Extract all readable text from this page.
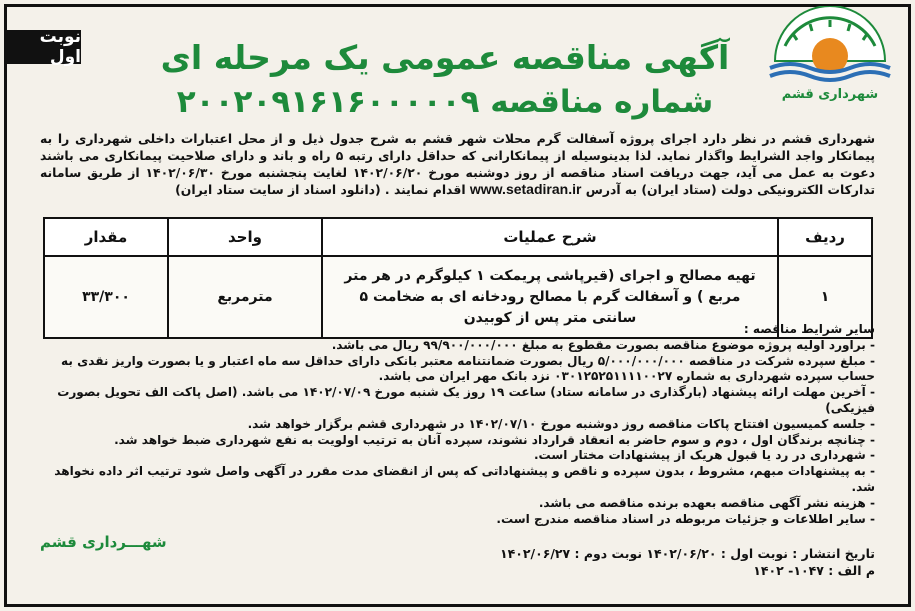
نوبت اول
شهرداری قشم
آگهی مناقصه عمومی یک مرحله ای
شماره مناقصه ۲۰۰۲۰۹۱۶۱۶۰۰۰۰۰۹
شهرداری قشم در نظر دارد اجرای پروژه آسفالت گرم محلات شهر قشم به شرح جدول ذیل و از محل اعتبارات داخلی شهرداری را به پیمانکار واجد الشرایط واگذار نماید. لذا بدینوسیله از پیمانکارانی که حداقل دارای رتبه ۵ راه و باند و دارای صلاحیت پیمانکاری می باشند دعوت به عمل می آید، جهت دریافت اسناد مناقصه از روز دوشنبه مورخ ۱۴۰۲/۰۶/۲۰ لغایت پنجشنبه مورخ ۱۴۰۲/۰۶/۳۰ از طریق سامانه تدارکات الکترونیکی دولت (ستاد ایران) به آدرس www.setadiran.ir اقدام نمایند . (دانلود اسناد از سایت ستاد ایران)
ردیف	شرح عملیات	واحد	مقدار
۱	تهیه مصالح و اجرای (قیرپاشی پریمکت ۱ کیلوگرم در هر متر مربع ) و آسفالت گرم با مصالح رودخانه ای به ضخامت ۵ سانتی متر پس از کوبیدن	مترمربع	۳۳/۳۰۰

سایر شرایط مناقصه :

- برآورد اولیه پروژه موضوع مناقصه بصورت مقطوع به مبلغ ۹۹/۹۰۰/۰۰۰/۰۰۰ ریال می باشد.
- مبلغ سپرده شرکت در مناقصه ۵/۰۰۰/۰۰۰/۰۰۰ ریال بصورت ضمانتنامه معتبر بانکی دارای حداقل سه ماه اعتبار و یا بصورت واریز نقدی به حساب سپرده شهرداری به شماره ۰۳۰۱۲۵۲۵۱۱۱۱۰۰۲۷ نزد بانک مهر ایران می باشد.
- آخرین مهلت ارائه پیشنهاد (بارگذاری در سامانه ستاد) ساعت ۱۹ روز یک شنبه مورخ ۱۴۰۲/۰۷/۰۹ می باشد. (اصل پاکت الف تحویل بصورت فیزیکی)
- جلسه کمیسیون افتتاح پاکات مناقصه روز دوشنبه مورخ ۱۴۰۲/۰۷/۱۰ در شهرداری قشم برگزار خواهد شد.
- چنانچه برندگان اول ، دوم و سوم حاضر به انعقاد قرارداد نشوند، سپرده آنان به ترتیب اولویت به نفع شهرداری ضبط خواهد شد.
- شهرداری در رد یا قبول هریک از پیشنهادات مختار است.
- به پیشنهادات مبهم، مشروط ، بدون سپرده و ناقص و پیشنهاداتی که پس از انقضای مدت مقرر در آگهی واصل شود ترتیب اثر داده نخواهد شد.
- هزینه نشر آگهی مناقصه بعهده برنده مناقصه می باشد.
- سایر اطلاعات و جزئیات مربوطه در اسناد مناقصه مندرج است.
شهـــرداری قشم
تاریخ انتشار : نوبت اول : ۱۴۰۲/۰۶/۲۰ نوبت دوم : ۱۴۰۲/۰۶/۲۷
م الف : ۱۰۴۷- ۱۴۰۲
